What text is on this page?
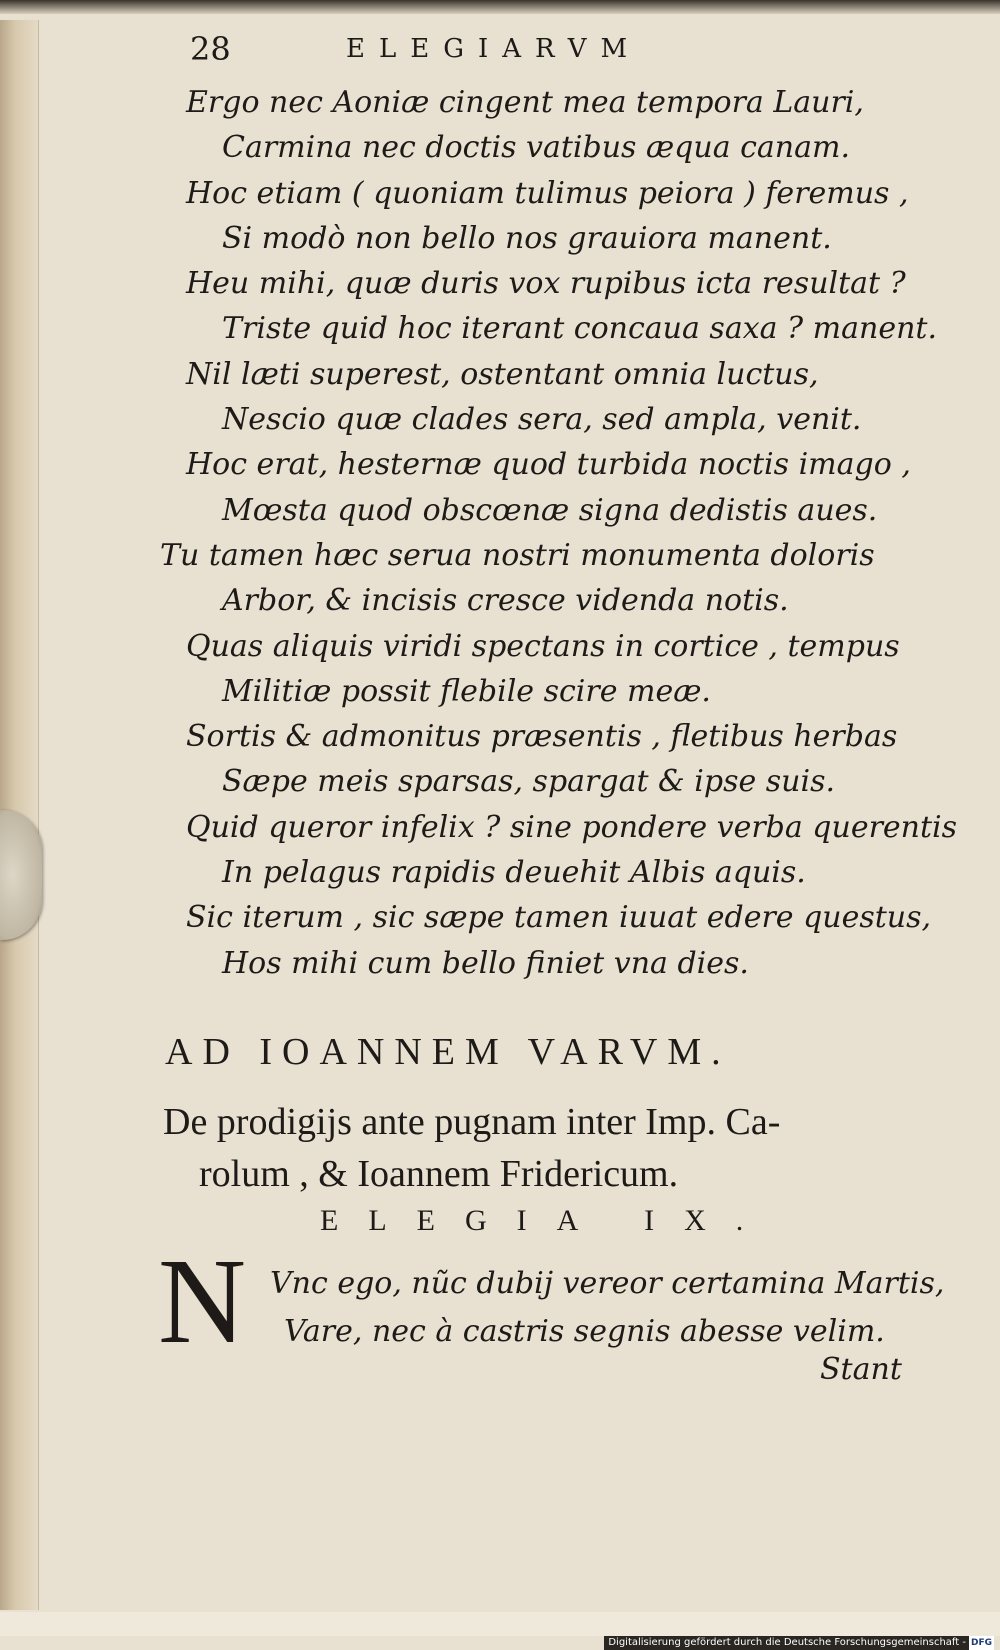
28	ELEGIARVM
Ergo nec Aoniæ cingent mea tempora Lauri,
Carmina nec doctis vatibus æqua canam.
Hoc etiam ( quoniam tulimus peiora ) feremus ,
Si modò non bello nos grauiora manent.
Heu mihi, quæ duris vox rupibus icta resultat ?
Triste quid hoc iterant concaua saxa ? manent.
Nil læti superest, ostentant omnia luctus,
Nescio quæ clades sera, sed ampla, venit.
Hoc erat, hesternæ quod turbida noctis imago ,
Mœsta quod obscœnæ signa dedistis aues.
Tu tamen hæc serua nostri monumenta doloris
Arbor, & incisis cresce videnda notis.
Quas aliquis viridi spectans in cortice , tempus
Militiæ possit flebile scire meæ.
Sortis & admonitus præsentis , fletibus herbas
Sæpe meis sparsas, spargat & ipse suis.
Quid queror infelix ? sine pondere verba querentis
In pelagus rapidis deuehit Albis aquis.
Sic iterum , sic sæpe tamen iuuat edere questus,
Hos mihi cum bello finiet vna dies.
AD IOANNEM VARVM.
De prodigijs ante pugnam inter Imp. Ca-
rolum , & Ioannem Fridericum.
ELEGIA IX.
N Vnc ego, nũc dubij vereor certamina Martis,
Vare, nec à castris segnis abesse velim.
Stant
Digitalisierung gefördert durch die Deutsche Forschungsgemeinschaft - DFG
